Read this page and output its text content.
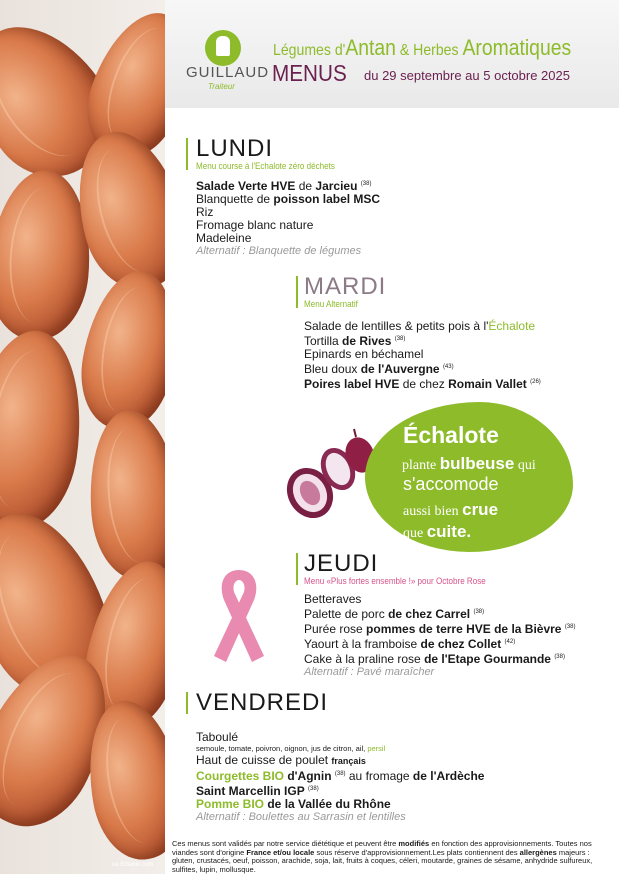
ue Ediable.com
GUILLAUD
Traiteur
Légumes d'Antan & Herbes Aromatiques
MENUS du 29 septembre au 5 octobre 2025
LUNDI
Menu course à l'Echalote zéro déchets
Salade Verte HVE de Jarcieu $^{(38)}$
Blanquette de poisson label MSC
Riz
Fromage blanc nature
Madeleine
Alternatif : Blanquette de légumes
MARDI
Menu Alternatif
Salade de lentilles & petits pois à l'Échalote
Tortilla de Rives $^{(38)}$
Epinards en béchamel
Bleu doux de l'Auvergne $^{(43)}$
Poires label HVE de chez Romain Vallet $^{(26)}$
Échalote
plante bulbeuse qui
s'accomode
aussi bien crue
que cuite.
JEUDI
Menu «Plus fortes ensemble !» pour Octobre Rose
Betteraves
Palette de porc de chez Carrel $^{(38)}$
Purée rose pommes de terre HVE de la Bièvre $^{(38)}$
Yaourt à la framboise de chez Collet $^{(42)}$
Cake à la praline rose de l'Etape Gourmande $^{(38)}$
Alternatif : Pavé maraîcher
VENDREDI
Taboulé
semoule, tomate, poivron, oignon, jus de citron, ail, persil
Haut de cuisse de poulet français
Courgettes BIO d'Agnin $^{(38)}$ au fromage de l'Ardèche
Saint Marcellin IGP $^{(38)}$
Pomme BIO de la Vallée du Rhône
Alternatif : Boulettes au Sarrasin et lentilles
Ces menus sont validés par notre service diététique et peuvent être modifiés en fonction des approvisionnements. Toutes nos viandes sont d'origine France et/ou locale sous réserve d'approvisionnement.Les plats contiennent des allergènes majeurs : gluten, crustacés, oeuf, poisson, arachide, soja, lait, fruits à coques, céleri, moutarde, graines de sésame, anhydride sulfureux, sulfites, lupin, mollusque.
